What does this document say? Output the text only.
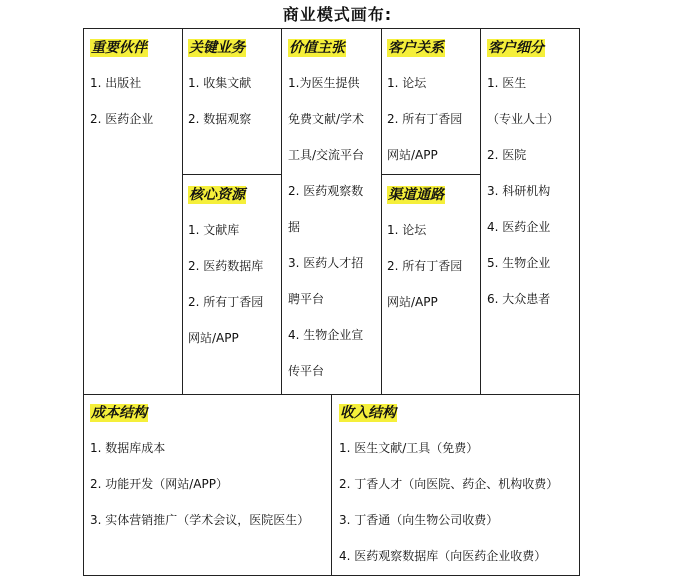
商业模式画布:
重要伙伴
1. 出版社
2. 医药企业
关键业务
1. 收集文献
2. 数据观察
核心资源
1. 文献库
2. 医药数据库
2. 所有丁香园
网站/APP
价值主张
1.为医生提供
免费文献/学术
工具/交流平台
2. 医药观察数
据
3. 医药人才招
聘平台
4. 生物企业宣
传平台
客户关系
1. 论坛
2. 所有丁香园
网站/APP
渠道通路
1. 论坛
2. 所有丁香园
网站/APP
客户细分
1. 医生
（专业人士）
2. 医院
3. 科研机构
4. 医药企业
5. 生物企业
6. 大众患者
成本结构
1. 数据库成本
2. 功能开发（网站/APP）
3. 实体营销推广（学术会议，医院医生）
收入结构
1. 医生文献/工具（免费）
2. 丁香人才（向医院、药企、机构收费）
3. 丁香通（向生物公司收费）
4. 医药观察数据库（向医药企业收费）
